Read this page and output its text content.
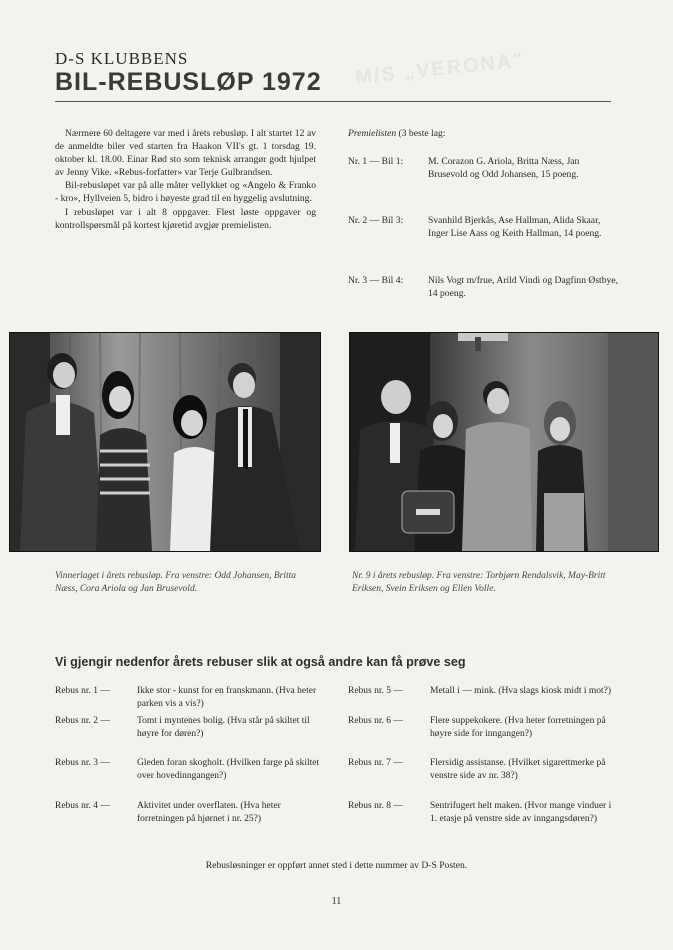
M/S „VERONA"
D-S KLUBBENS
BIL-REBUSLØP 1972

Nærmere 60 deltagere var med i årets rebusløp. I alt startet 12 av de anmeldte biler ved starten fra Haakon VII's gt. 1 torsdag 19. oktober kl. 18.00. Einar Rød sto som teknisk arrangør godt hjulpet av Jenny Vike. «Rebus-forfatter» var Terje Gulbrandsen.

Bil-rebusløpet var på alle måter vellykket og «Angelo & Franko - kro», Hyllveien 5, bidro i høyeste grad til en hyggelig avslutning.

I rebusløpet var i alt 8 oppgaver. Flest løste oppgaver og kontrollspørsmål på kortest kjøretid avgjør premielisten.

Premielisten (3 beste lag:
Nr. 1 — Bil 1:	M. Corazon G. Ariola, Britta Næss, Jan Brusevold og Odd Johansen, 15 poeng.
Nr. 2 — Bil 3:	Svanhild Bjerkås, Ase Hallman, Alida Skaar, Inger Lise Aass og Keith Hallman, 14 poeng.
Nr. 3 — Bil 4:	Nils Vogt m/frue, Arild Vindi og Dagfinn Østbye, 14 poeng.
Vinnerlaget i årets rebusløp. Fra venstre: Odd Johansen, Britta Næss, Cora Ariola og Jan Brusevold.
Nr. 9 i årets rebusløp. Fra venstre: Torbjørn Rendalsvik, May-Britt Eriksen, Svein Eriksen og Ellen Volle.
Vi gjengir nedenfor årets rebuser slik at også andre kan få prøve seg
Rebus nr. 1 —	Ikke stor - kunst for en franskmann. (Hva heter parken vis a vis?)
Rebus nr. 2 —	Tomt i myntenes bolig. (Hva står på skiltet til høyre for døren?)
Rebus nr. 3 —	Gleden foran skogholt. (Hvilken farge på skiltet over hovedinngangen?)
Rebus nr. 4 —	Aktivitet under overflaten. (Hva heter forretningen på hjørnet i nr. 25?)
Rebus nr. 5 —	Metall i — mink. (Hva slags kiosk midt i mot?)
Rebus nr. 6 —	Flere suppekokere. (Hva heter forretningen på høyre side for inngangen?)
Rebus nr. 7 —	Flersidig assistanse. (Hvilket sigarettmerke på venstre side av nr. 38?)
Rebus nr. 8 —	Sentrifugert helt maken. (Hvor mange vinduer i 1. etasje på venstre side av inngangsdøren?)
Rebusløsninger er oppført annet sted i dette nummer av D-S Posten.
11
